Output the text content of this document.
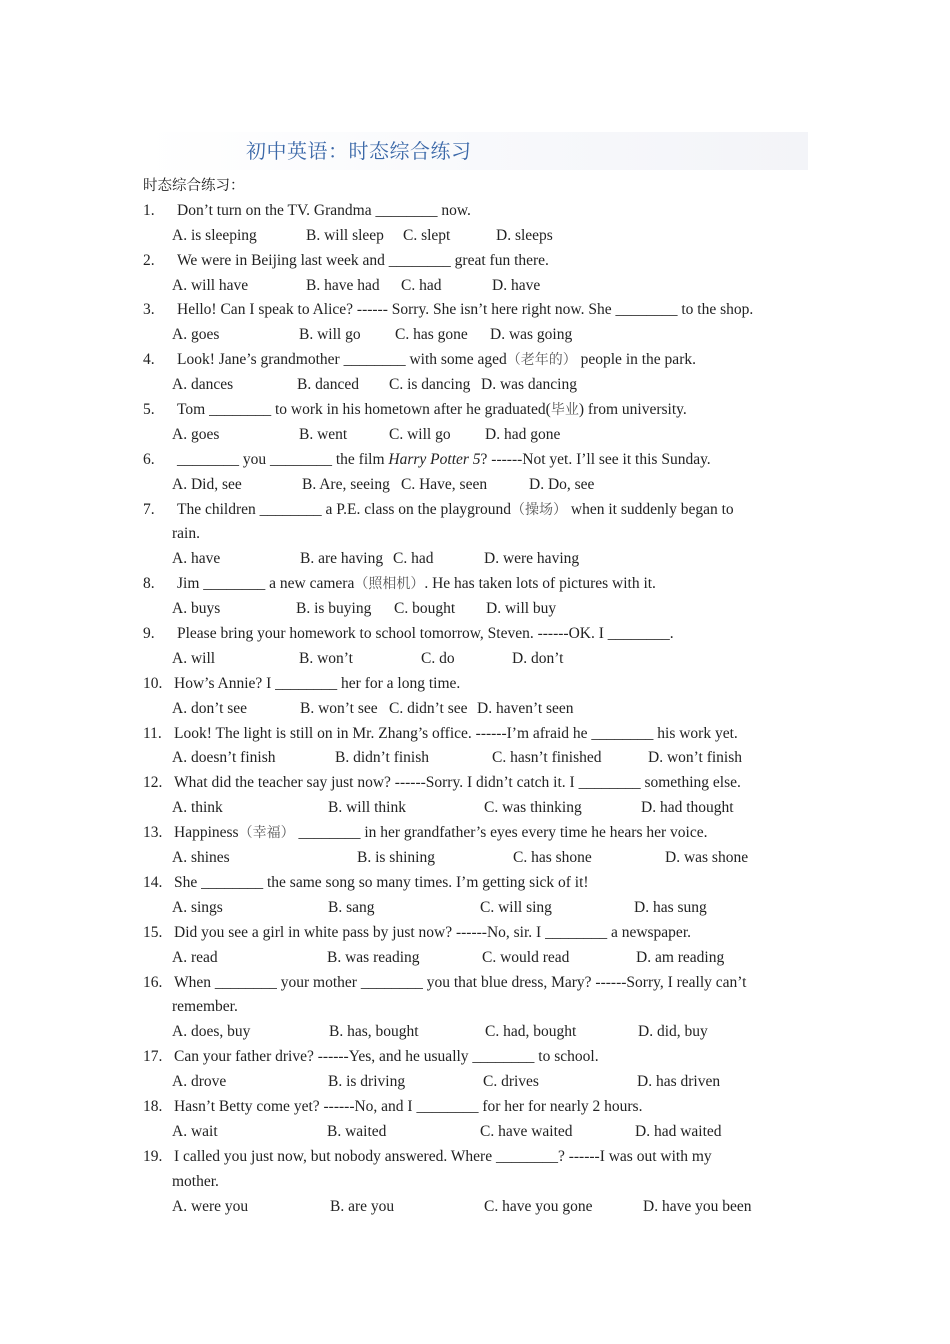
初中英语：时态综合练习
时态综合练习：
1. Don’t turn on the TV. Grandma ________ now.
A. is sleeping	B. will sleep C. slept	D. sleeps
2. We were in Beijing last week and ________ great fun there.
A. will have	B. have had C. had	D. have
3. Hello! Can I speak to Alice? ------ Sorry. She isn’t here right now. She ________ to the shop.
A. goes	B. will go C. has gone D. was going
4. Look! Jane’s grandmother ________ with some aged（老年的） people in the park.
A. dances	B. danced C. is dancing D. was dancing
5. Tom ________ to work in his hometown after he graduated(毕业) from university.
A. goes	B. went	C. will go D. had gone
6. ________ you ________ the film Harry Potter 5? ------Not yet. I’ll see it this Sunday.
A. Did, see	B. Are, seeing C. Have, seen	D. Do, see
7. The children ________ a P.E. class on the playground（操场） when it suddenly began to
rain.
A. have	B. are having C. had	D. were having
8. Jim ________ a new camera（照相机）. He has taken lots of pictures with it.
A. buys	B. is buying C. bought D. will buy
9. Please bring your homework to school tomorrow, Steven. ------OK. I ________.
A. will	B. won’t	C. do	D. don’t
10. How’s Annie? I ________ her for a long time.
A. don’t see	B. won’t see C. didn’t see D. haven’t seen
11. Look! The light is still on in Mr. Zhang’s office. ------I’m afraid he ________ his work yet.
A. doesn’t finish	B. didn’t finish	C. hasn’t finished	D. won’t finish
12. What did the teacher say just now? ------Sorry. I didn’t catch it. I ________ something else.
A. think	B. will think	C. was thinking	D. had thought
13. Happiness（幸福） ________ in her grandfather’s eyes every time he hears her voice.
A. shines	B. is shining	C. has shone	D. was shone
14. She ________ the same song so many times. I’m getting sick of it!
A. sings	B. sang	C. will sing	D. has sung
15. Did you see a girl in white pass by just now? ------No, sir. I ________ a newspaper.
A. read	B. was reading	C. would read	D. am reading
16. When ________ your mother ________ you that blue dress, Mary? ------Sorry, I really can’t
remember.
A. does, buy	B. has, bought	C. had, bought	D. did, buy
17. Can your father drive? ------Yes, and he usually ________ to school.
A. drove	B. is driving	C. drives	D. has driven
18. Hasn’t Betty come yet? ------No, and I ________ for her for nearly 2 hours.
A. wait	B. waited	C. have waited	D. had waited
19. I called you just now, but nobody answered. Where ________? ------I was out with my
mother.
A. were you	B. are you	C. have you gone	D. have you been
